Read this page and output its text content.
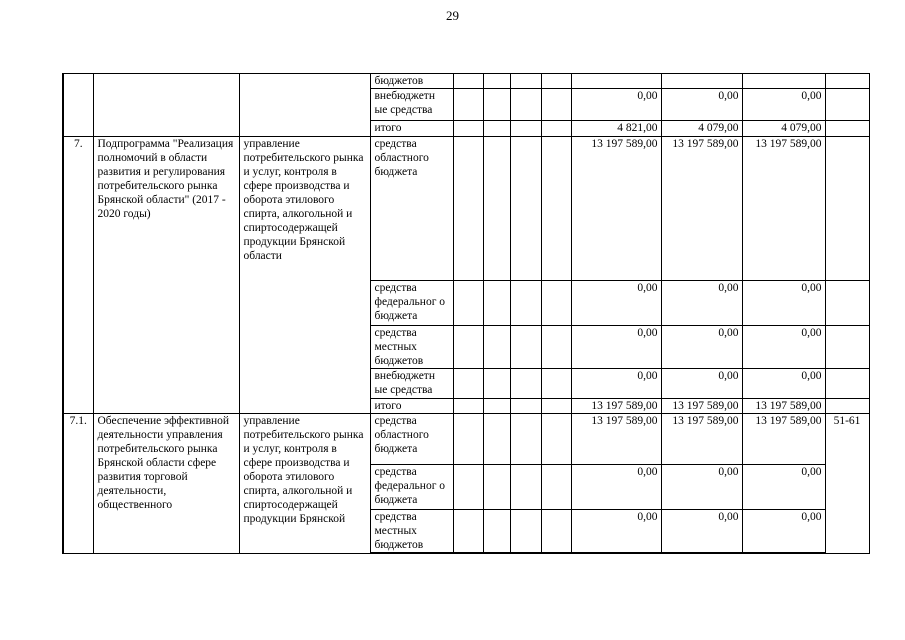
29
			бюджетов								
			внебюджетн ые средства					0,00	0,00	0,00	
			итого					4 821,00	4 079,00	4 079,00	
7.	Подпрограмма "Реализация полномочий в области развития и регулирования потребительского рынка Брянской области" (2017 - 2020 годы)	управление потребительского рынка и услуг, контроля в сфере производства и оборота этилового спирта, алкогольной и спиртосодержащей продукции Брянской области	средства областного бюджета					13 197 589,00	13 197 589,00	13 197 589,00	
			средства федеральног о бюджета					0,00	0,00	0,00	
			средства местных бюджетов					0,00	0,00	0,00	
			внебюджетн ые средства					0,00	0,00	0,00	
			итого					13 197 589,00	13 197 589,00	13 197 589,00	
7.1.	Обеспечение эффективной деятельности управления потребительского рынка Брянской области сфере развития торговой деятельности, общественного	управление потребительского рынка и услуг, контроля в сфере производства и оборота этилового спирта, алкогольной и спиртосодержащей продукции Брянской	средства областного бюджета					13 197 589,00	13 197 589,00	13 197 589,00	51-61
			средства федеральног о бюджета					0,00	0,00	0,00	
			средства местных бюджетов					0,00	0,00	0,00	
